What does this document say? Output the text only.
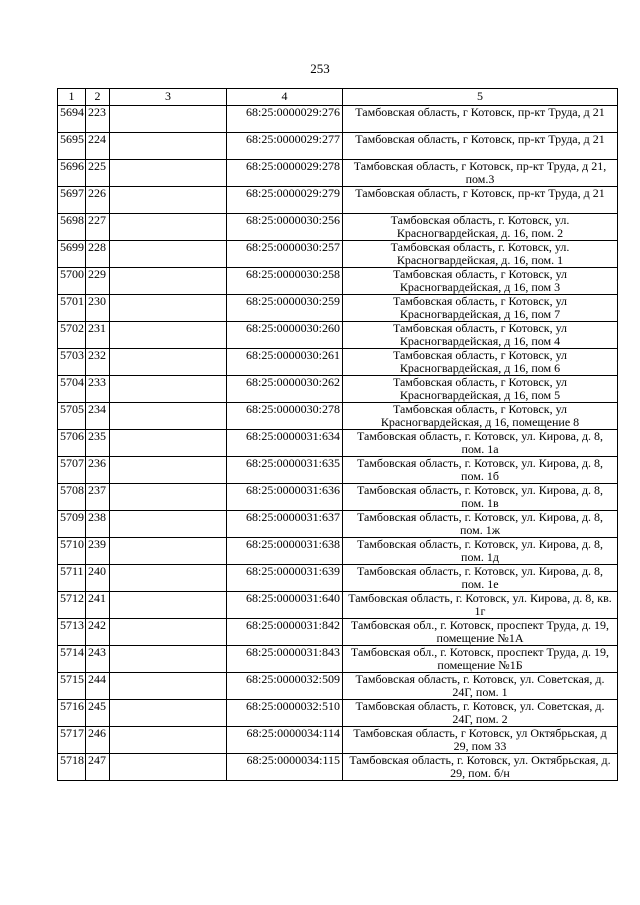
253
1	2	3	4	5
5694	223		68:25:0000029:276	Тамбовская область, г Котовск, пр-кт Труда, д 21
5695	224		68:25:0000029:277	Тамбовская область, г Котовск, пр-кт Труда, д 21
5696	225		68:25:0000029:278	Тамбовская область, г Котовск, пр-кт Труда, д 21, пом.3
5697	226		68:25:0000029:279	Тамбовская область, г Котовск, пр-кт Труда, д 21
5698	227		68:25:0000030:256	Тамбовская область, г. Котовск, ул. Красногвардейская, д. 16, пом. 2
5699	228		68:25:0000030:257	Тамбовская область, г. Котовск, ул. Красногвардейская, д. 16, пом. 1
5700	229		68:25:0000030:258	Тамбовская область, г Котовск, ул Красногвардейская, д 16, пом 3
5701	230		68:25:0000030:259	Тамбовская область, г Котовск, ул Красногвардейская, д 16, пом 7
5702	231		68:25:0000030:260	Тамбовская область, г Котовск, ул Красногвардейская, д 16, пом 4
5703	232		68:25:0000030:261	Тамбовская область, г Котовск, ул Красногвардейская, д 16, пом 6
5704	233		68:25:0000030:262	Тамбовская область, г Котовск, ул Красногвардейская, д 16, пом 5
5705	234		68:25:0000030:278	Тамбовская область, г Котовск, ул Красногвардейская, д 16, помещение 8
5706	235		68:25:0000031:634	Тамбовская область, г. Котовск, ул. Кирова, д. 8, пом. 1а
5707	236		68:25:0000031:635	Тамбовская область, г. Котовск, ул. Кирова, д. 8, пом. 1б
5708	237		68:25:0000031:636	Тамбовская область, г. Котовск, ул. Кирова, д. 8, пом. 1в
5709	238		68:25:0000031:637	Тамбовская область, г. Котовск, ул. Кирова, д. 8, пом. 1ж
5710	239		68:25:0000031:638	Тамбовская область, г. Котовск, ул. Кирова, д. 8, пом. 1д
5711	240		68:25:0000031:639	Тамбовская область, г. Котовск, ул. Кирова, д. 8, пом. 1е
5712	241		68:25:0000031:640	Тамбовская область, г. Котовск, ул. Кирова, д. 8, кв. 1г
5713	242		68:25:0000031:842	Тамбовская обл., г. Котовск, проспект Труда, д. 19, помещение №1А
5714	243		68:25:0000031:843	Тамбовская обл., г. Котовск, проспект Труда, д. 19, помещение №1Б
5715	244		68:25:0000032:509	Тамбовская область, г. Котовск, ул. Советская, д. 24Г, пом. 1
5716	245		68:25:0000032:510	Тамбовская область, г. Котовск, ул. Советская, д. 24Г, пом. 2
5717	246		68:25:0000034:114	Тамбовская область, г Котовск, ул Октябрьская, д 29, пом 33
5718	247		68:25:0000034:115	Тамбовская область, г. Котовск, ул. Октябрьская, д. 29, пом. б/н
